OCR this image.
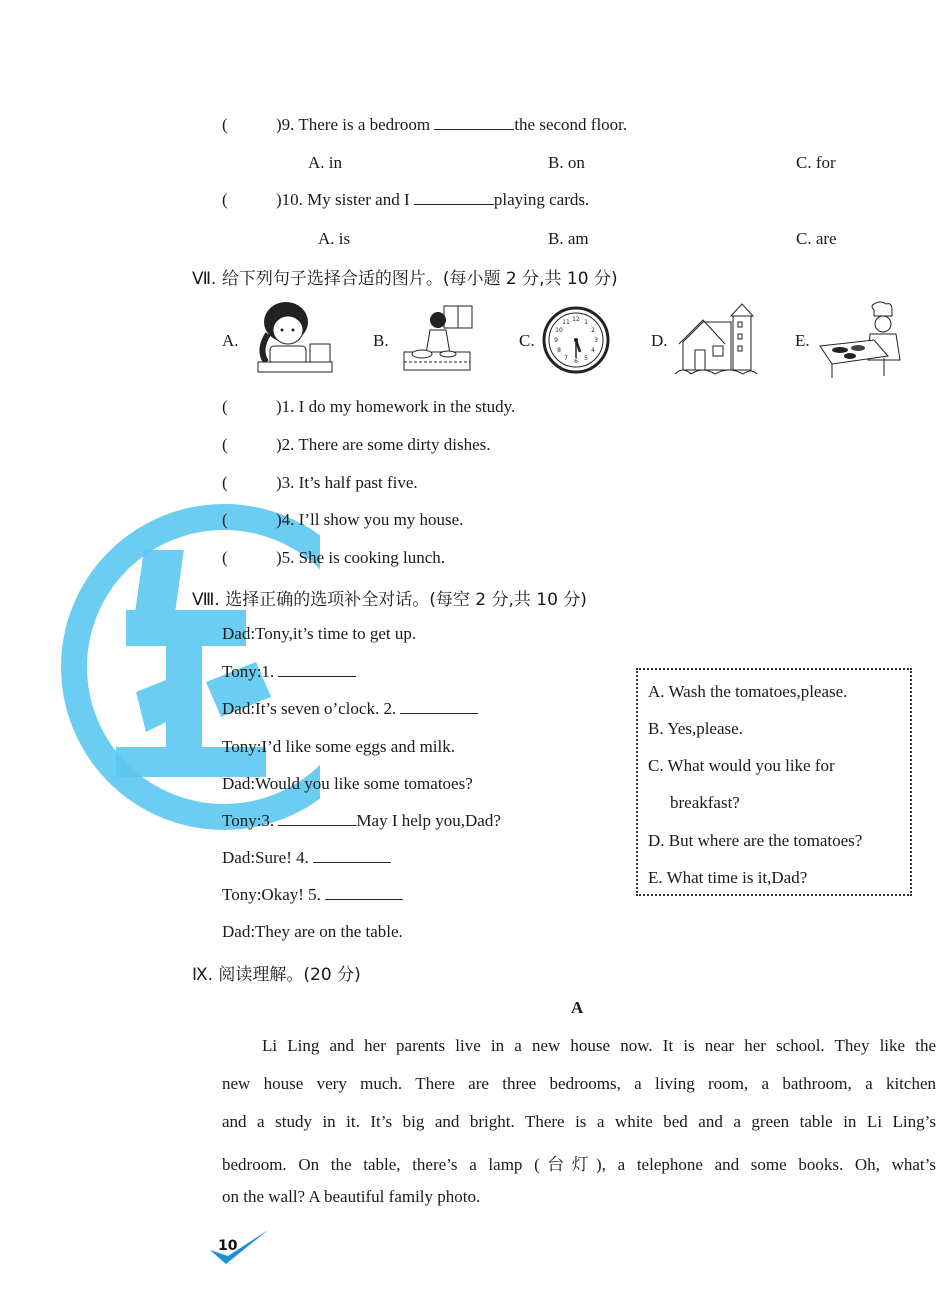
(	)9. There is a bedroom	the second floor.
A. in	B. on	C. for
(	)10. My sister and I	playing cards.
A. is	B. am	C. are
Ⅶ. 给下列句子选择合适的图片。(每小题 2 分,共 10 分)
A.	B.	C.
12 1
2
3
4
5
6
7
8
9
10
11
D.	E.
(	)1. I do my homework in the study.
(	)2. There are some dirty dishes.
(	)3. It’s half past five.
(	)4. I’ll show you my house.
(	)5. She is cooking lunch.
Ⅷ. 选择正确的选项补全对话。(每空 2 分,共 10 分)
Dad:Tony,it’s time to get up.
Tony:1.
Dad:It’s seven o’clock. 2.
Tony:I’d like some eggs and milk.
Dad:Would you like some tomatoes?
Tony:3.	May I help you,Dad?
Dad:Sure! 4.
Tony:Okay! 5.
Dad:They are on the table.
A. Wash the tomatoes,please.
B. Yes,please.
C. What would you like for
breakfast?
D. But where are the tomatoes?
E. What time is it,Dad?
Ⅸ. 阅读理解。(20 分)
A
Li Ling and her parents live in a new house now. It is near her school. They like the
new house very much. There are three bedrooms, a living room, a bathroom, a kitchen
and a study in it. It’s big and bright. There is a white bed and a green table in Li Ling’s
bedroom. On the table, there’s a lamp (台灯), a telephone and some books. Oh, what’s
on the wall? A beautiful family photo.
10
